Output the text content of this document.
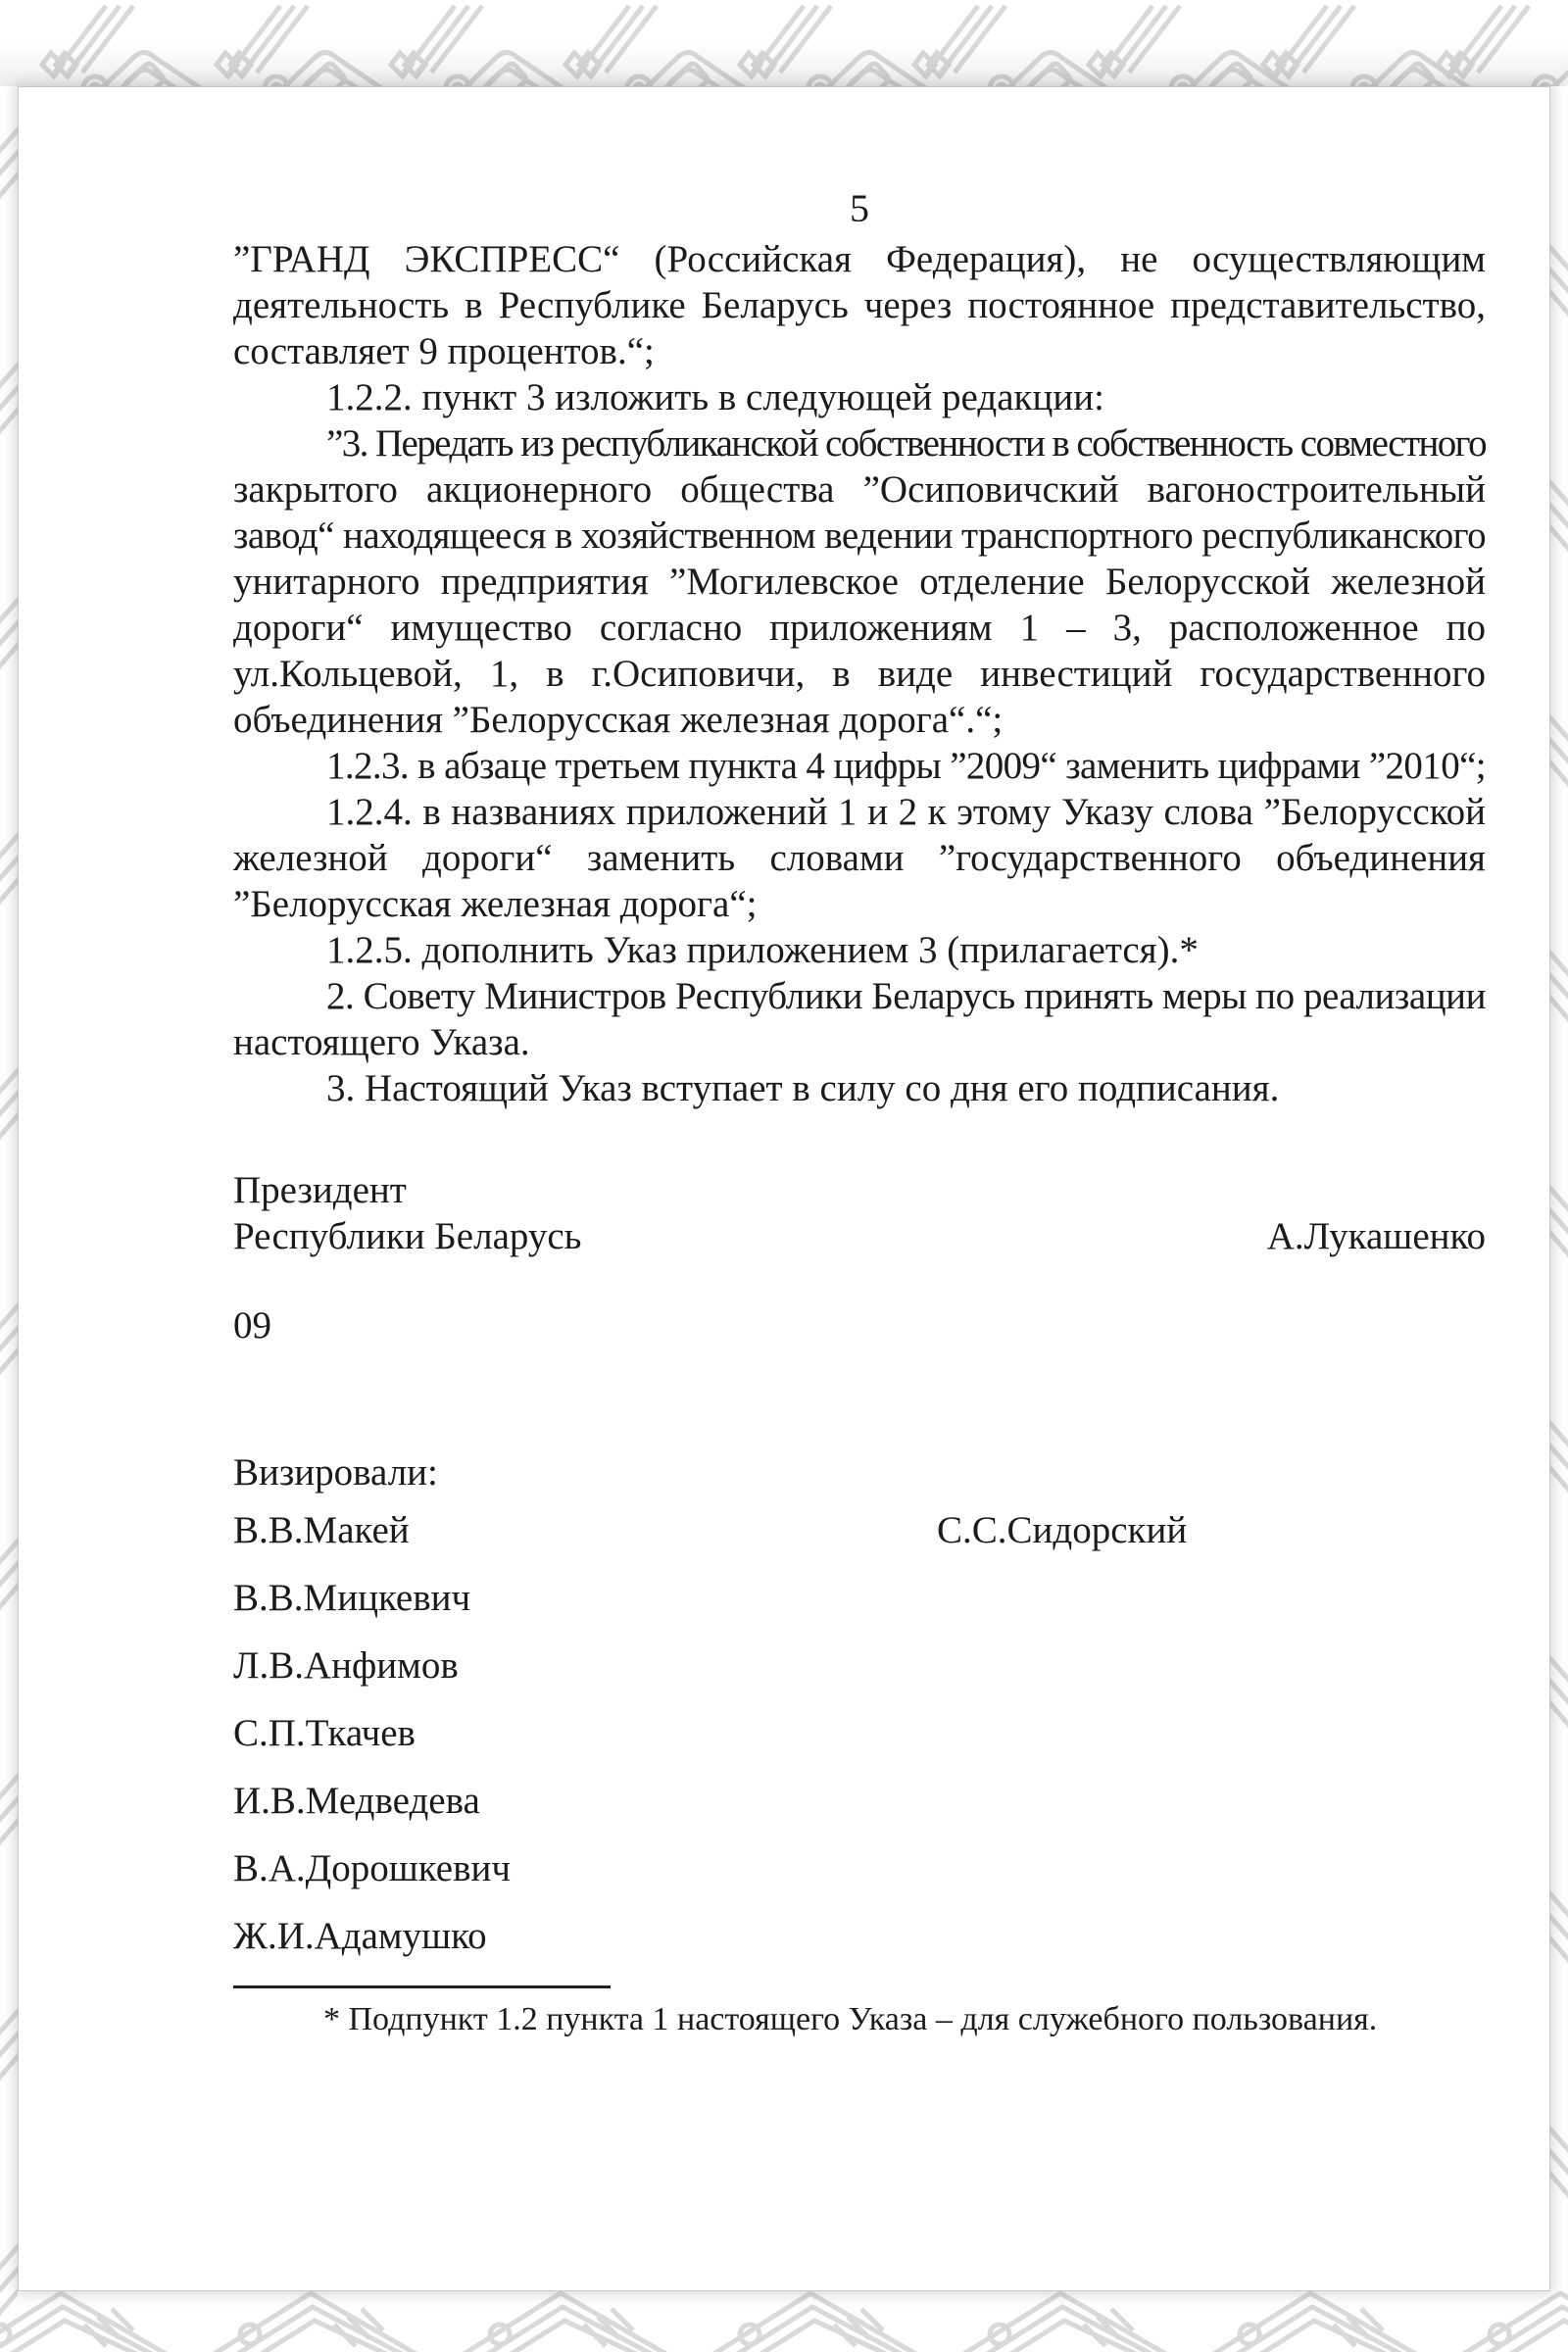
5
”ГРАНД ЭКСПРЕСС“ (Российская Федерация), не осуществляющим
деятельность в Республике Беларусь через постоянное представительство,
составляет 9 процентов.“;
1.2.2. пункт 3 изложить в следующей редакции:
”3. Передать из республиканской собственности в собственность совместного
закрытого акционерного общества ”Осиповичский вагоностроительный
завод“ находящееся в хозяйственном ведении транспортного республиканского
унитарного предприятия ”Могилевское отделение Белорусской железной
дороги“ имущество согласно приложениям 1 – 3, расположенное по
ул.Кольцевой, 1, в г.Осиповичи, в виде инвестиций государственного
объединения ”Белорусская железная дорога“.“;
1.2.3. в абзаце третьем пункта 4 цифры ”2009“ заменить цифрами ”2010“;
1.2.4. в названиях приложений 1 и 2 к этому Указу слова ”Белорусской
железной дороги“ заменить словами ”государственного объединения
”Белорусская железная дорога“;
1.2.5. дополнить Указ приложением 3 (прилагается).*
2. Совету Министров Республики Беларусь принять меры по реализации
настоящего Указа.
3. Настоящий Указ вступает в силу со дня его подписания.
Президент
Республики Беларусь	А.Лукашенко
09
Визировали:
В.В.Макей	С.С.Сидорский
В.В.Мицкевич
Л.В.Анфимов
С.П.Ткачев
И.В.Медведева
В.А.Дорошкевич
Ж.И.Адамушко
* Подпункт 1.2 пункта 1 настоящего Указа – для служебного пользования.
